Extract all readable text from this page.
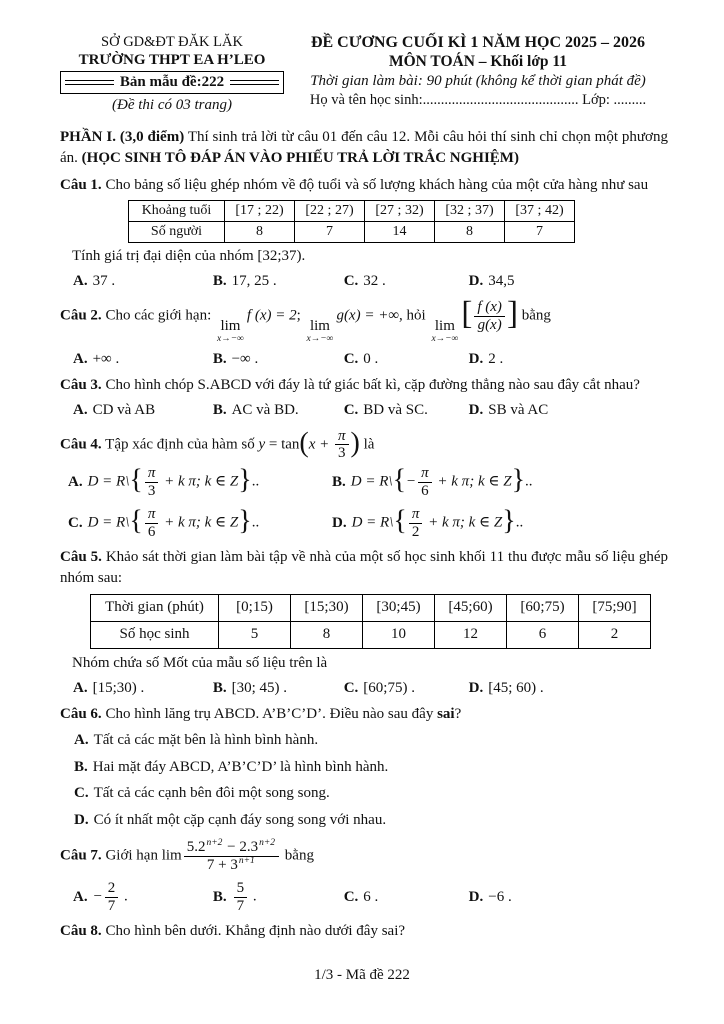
SỞ GD&ĐT ĐĂK LĂK
TRƯỜNG THPT EA H’LEO
Bản mẫu đề:222
(Đề thi có 03 trang)
ĐỀ CƯƠNG CUỐI KÌ 1 NĂM HỌC 2025 – 2026
MÔN TOÁN – Khối lớp 11
Thời gian làm bài: 90 phút (không kể thời gian phát đề)
Họ và tên học sinh:........................................... Lớp: .........

PHẦN I. (3,0 điểm) Thí sinh trả lời từ câu 01 đến câu 12. Mỗi câu hỏi thí sinh chỉ chọn một phương án. (HỌC SINH TÔ ĐÁP ÁN VÀO PHIẾU TRẢ LỜI TRẮC NGHIỆM)

Câu 1. Cho bảng số liệu ghép nhóm về độ tuổi và số lượng khách hàng của một cửa hàng như sau

Khoảng tuổi	[17 ; 22)	[22 ; 27)	[27 ; 32)	[32 ; 37)	[37 ; 42)
Số người	8	7	14	8	7

Tính giá trị đại diện của nhóm [32;37).

A. 37 .	B. 17, 25 .	C. 32 .	D. 34,5

Câu 2. Cho các giới hạn:
lim
x→−∞
f (x) = 2;
lim
x→−∞
g(x) = +∞, hỏi
lim
x→−∞
[ $\frac{f (x)}{g(x)}$ ] bằng

A. +∞ .	B. −∞ .	C. 0 .	D. 2 .

Câu 3. Cho hình chóp S.ABCD với đáy là tứ giác bất kì, cặp đường thẳng nào sau đây cắt nhau?

A. CD và AB	B. AC và BD.	C. BD và SC.	D. SB và AC

Câu 4. Tập xác định của hàm số $y = \tan(x + \frac{\pi}{3}$ ) là

A. D = R\{ $\frac{\pi}{3} + k$ π; k ∈ Z}..	B. D = R\{− $\frac{\pi}{6} + k$ π; k ∈ Z}..
C. D = R\{ $\frac{\pi}{6} + k$ π; k ∈ Z}..	D. D = R\{ $\frac{\pi}{2} + k$ π; k ∈ Z}..

Câu 5. Khảo sát thời gian làm bài tập về nhà của một số học sinh khối 11 thu được mẫu số liệu ghép nhóm sau:

Thời gian (phút)	[0;15)	[15;30)	[30;45)	[45;60)	[60;75)	[75;90]
Số học sinh	5	8	10	12	6	2

Nhóm chứa số Mốt của mẫu số liệu trên là

A. [15;30) .	B. [30; 45) .	C. [60;75) .	D. [45; 60) .

Câu 6. Cho hình lăng trụ ABCD. A’B’C’D’. Điều nào sau đây sai?

A. Tất cả các mặt bên là hình bình hành.

B. Hai mặt đáy ABCD, A’B’C’D’ là hình bình hành.

C. Tất cả các cạnh bên đôi một song song.

D. Có ít nhất một cặp cạnh đáy song song với nhau.

Câu 7. Giới hạn $\lim \frac{5.2^{n+2} - 2.3^{n+2}}{7 + 3^{n+1}}$ bằng

A. − $\frac{2}{7}$ .	B. $\frac{5}{7}$ .	C. 6 .	D. −6 .

Câu 8. Cho hình bên dưới. Khẳng định nào dưới đây sai?

1/3 - Mã đề 222
